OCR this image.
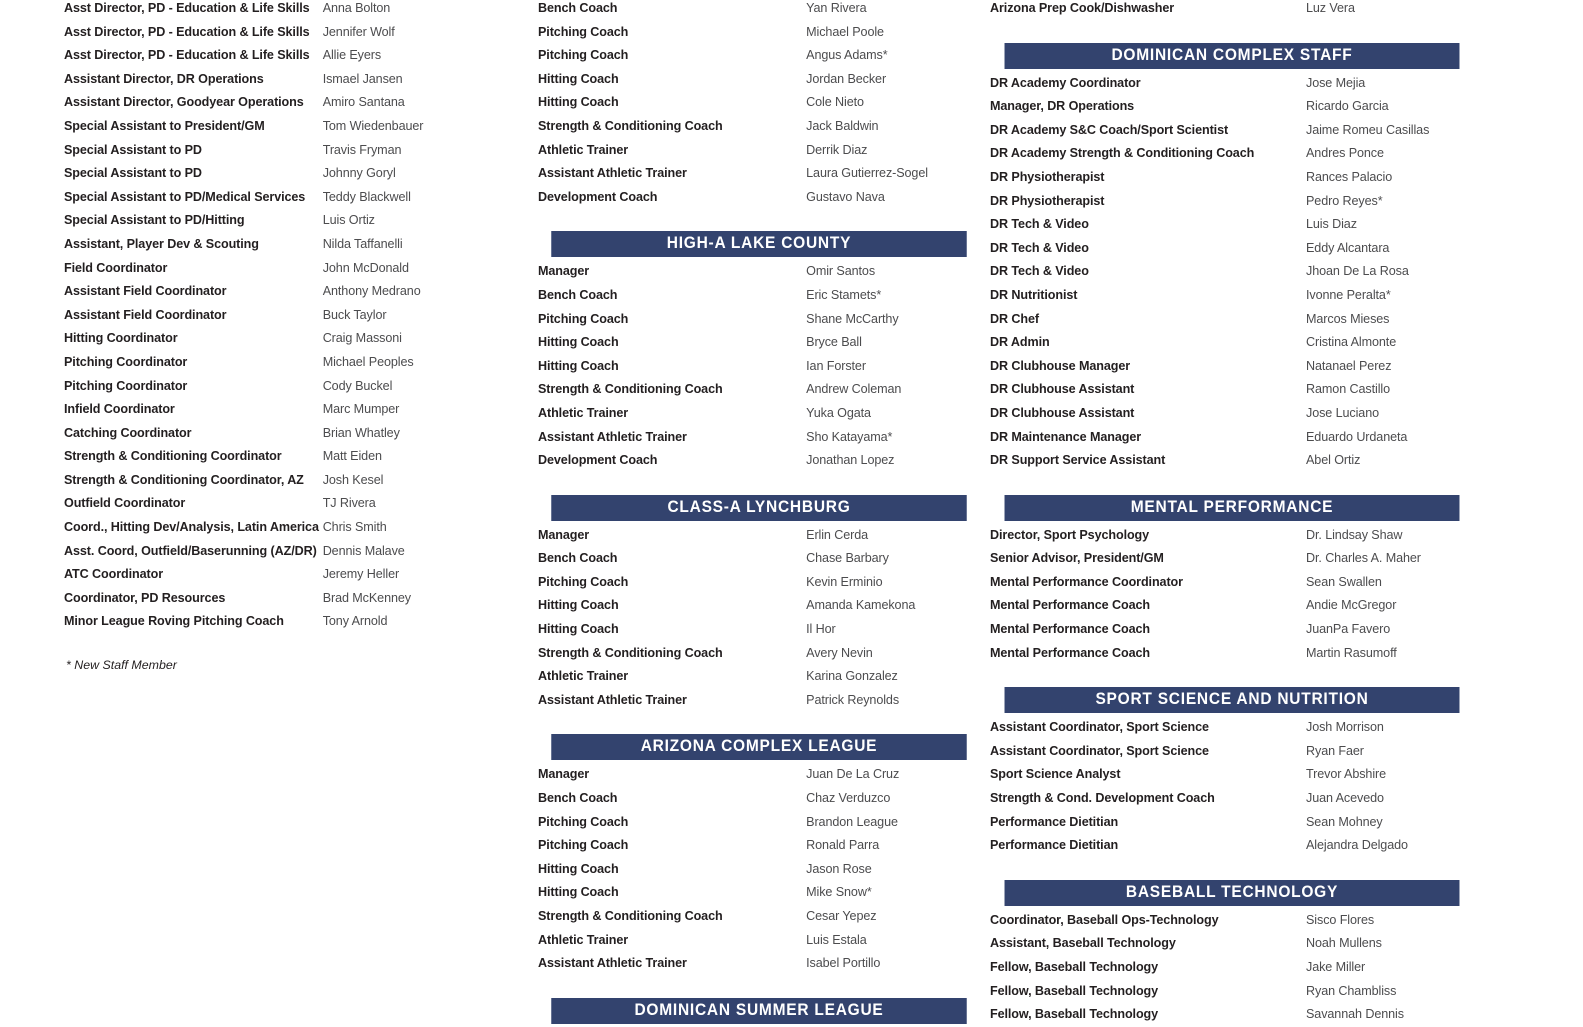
Asst Director, PD - Education & Life Skills	Anna Bolton
Asst Director, PD - Education & Life Skills	Jennifer Wolf
Asst Director, PD - Education & Life Skills	Allie Eyers
Assistant Director, DR Operations	Ismael Jansen
Assistant Director, Goodyear Operations	Amiro Santana
Special Assistant to President/GM	Tom Wiedenbauer
Special Assistant to PD	Travis Fryman
Special Assistant to PD	Johnny Goryl
Special Assistant to PD/Medical Services	Teddy Blackwell
Special Assistant to PD/Hitting	Luis Ortiz
Assistant, Player Dev & Scouting	Nilda Taffanelli
Field Coordinator	John McDonald
Assistant Field Coordinator	Anthony Medrano
Assistant Field Coordinator	Buck Taylor
Hitting Coordinator	Craig Massoni
Pitching Coordinator	Michael Peoples
Pitching Coordinator	Cody Buckel
Infield Coordinator	Marc Mumper
Catching Coordinator	Brian Whatley
Strength & Conditioning Coordinator	Matt Eiden
Strength & Conditioning Coordinator, AZ	Josh Kesel
Outfield Coordinator	TJ Rivera
Coord., Hitting Dev/Analysis, Latin America Chris Smith
Asst. Coord, Outfield/Baserunning (AZ/DR) Dennis Malave
ATC Coordinator	Jeremy Heller
Coordinator, PD Resources	Brad McKenney
Minor League Roving Pitching Coach	Tony Arnold
* New Staff Member
Bench Coach	Yan Rivera
Pitching Coach	Michael Poole
Pitching Coach	Angus Adams*
Hitting Coach	Jordan Becker
Hitting Coach	Cole Nieto
Strength & Conditioning Coach	Jack Baldwin
Athletic Trainer	Derrik Diaz
Assistant Athletic Trainer	Laura Gutierrez-Sogel
Development Coach	Gustavo Nava
HIGH-A LAKE COUNTY
Manager	Omir Santos
Bench Coach	Eric Stamets*
Pitching Coach	Shane McCarthy
Hitting Coach	Bryce Ball
Hitting Coach	Ian Forster
Strength & Conditioning Coach	Andrew Coleman
Athletic Trainer	Yuka Ogata
Assistant Athletic Trainer	Sho Katayama*
Development Coach	Jonathan Lopez
CLASS-A LYNCHBURG
Manager	Erlin Cerda
Bench Coach	Chase Barbary
Pitching Coach	Kevin Erminio
Hitting Coach	Amanda Kamekona
Hitting Coach	Il Hor
Strength & Conditioning Coach	Avery Nevin
Athletic Trainer	Karina Gonzalez
Assistant Athletic Trainer	Patrick Reynolds
ARIZONA COMPLEX LEAGUE
Manager	Juan De La Cruz
Bench Coach	Chaz Verduzco
Pitching Coach	Brandon League
Pitching Coach	Ronald Parra
Hitting Coach	Jason Rose
Hitting Coach	Mike Snow*
Strength & Conditioning Coach	Cesar Yepez
Athletic Trainer	Luis Estala
Assistant Athletic Trainer	Isabel Portillo
DOMINICAN SUMMER LEAGUE
Arizona Prep Cook/Dishwasher	Luz Vera
DOMINICAN COMPLEX STAFF
DR Academy Coordinator	Jose Mejia
Manager, DR Operations	Ricardo Garcia
DR Academy S&C Coach/Sport Scientist	Jaime Romeu Casillas
DR Academy Strength & Conditioning Coach	Andres Ponce
DR Physiotherapist	Rances Palacio
DR Physiotherapist	Pedro Reyes*
DR Tech & Video	Luis Diaz
DR Tech & Video	Eddy Alcantara
DR Tech & Video	Jhoan De La Rosa
DR Nutritionist	Ivonne Peralta*
DR Chef	Marcos Mieses
DR Admin	Cristina Almonte
DR Clubhouse Manager	Natanael Perez
DR Clubhouse Assistant	Ramon Castillo
DR Clubhouse Assistant	Jose Luciano
DR Maintenance Manager	Eduardo Urdaneta
DR Support Service Assistant	Abel Ortiz
MENTAL PERFORMANCE
Director, Sport Psychology	Dr. Lindsay Shaw
Senior Advisor, President/GM	Dr. Charles A. Maher
Mental Performance Coordinator	Sean Swallen
Mental Performance Coach	Andie McGregor
Mental Performance Coach	JuanPa Favero
Mental Performance Coach	Martin Rasumoff
SPORT SCIENCE AND NUTRITION
Assistant Coordinator, Sport Science	Josh Morrison
Assistant Coordinator, Sport Science	Ryan Faer
Sport Science Analyst	Trevor Abshire
Strength & Cond. Development Coach	Juan Acevedo
Performance Dietitian	Sean Mohney
Performance Dietitian	Alejandra Delgado
BASEBALL TECHNOLOGY
Coordinator, Baseball Ops-Technology	Sisco Flores
Assistant, Baseball Technology	Noah Mullens
Fellow, Baseball Technology	Jake Miller
Fellow, Baseball Technology	Ryan Chambliss
Fellow, Baseball Technology	Savannah Dennis
